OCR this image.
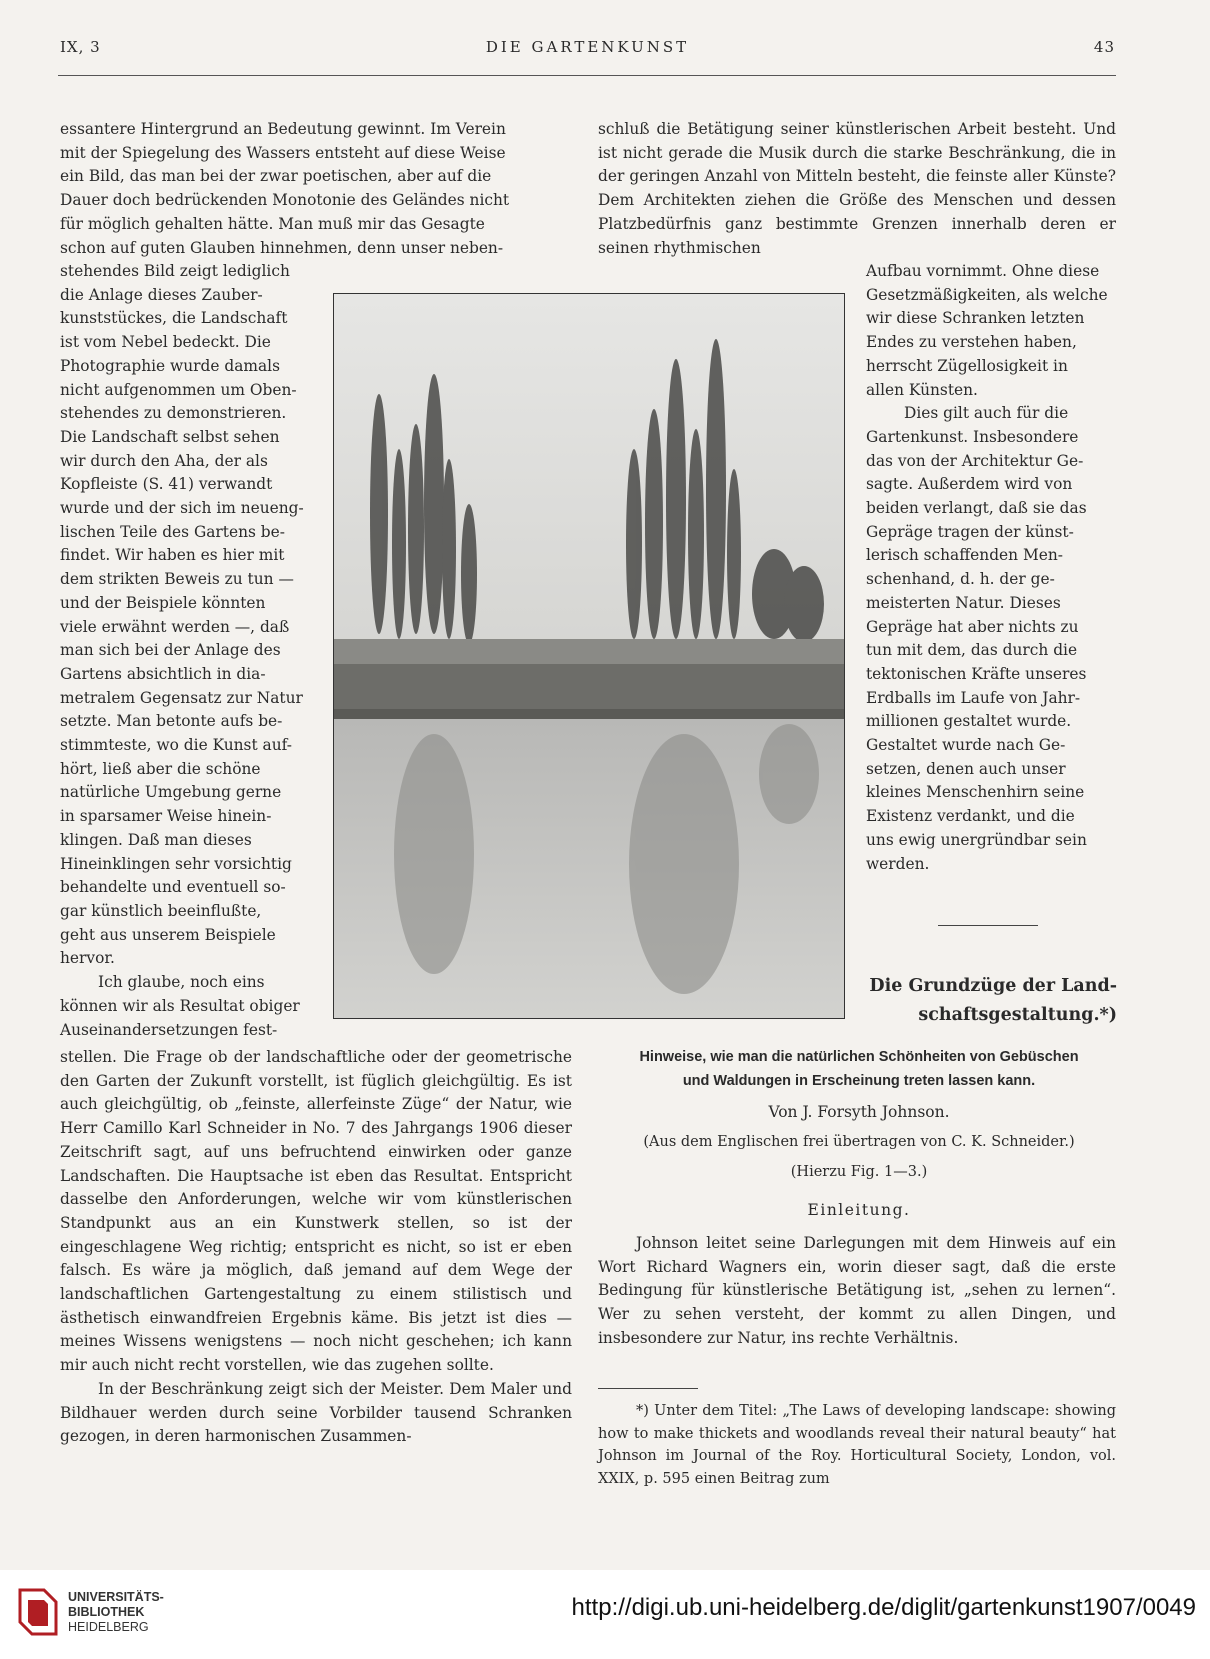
IX, 3	DIE GARTENKUNST	43
essantere Hintergrund an Bedeutung gewinnt. Im Verein
mit der Spiegelung des Wassers entsteht auf diese Weise
ein Bild, das man bei der zwar poetischen, aber auf die
Dauer doch bedrückenden Monotonie des Geländes nicht
für möglich gehalten hätte. Man muß mir das Gesagte
schon auf guten Glauben hinnehmen, denn unser neben-
stehendes Bild zeigt lediglich
die Anlage dieses Zauber-
kunststückes, die Landschaft
ist vom Nebel bedeckt. Die
Photographie wurde damals
nicht aufgenommen um Oben-
stehendes zu demonstrieren.
Die Landschaft selbst sehen
wir durch den Aha, der als
Kopfleiste (S. 41) verwandt
wurde und der sich im neueng-
lischen Teile des Gartens be-
findet. Wir haben es hier mit
dem strikten Beweis zu tun —
und der Beispiele könnten
viele erwähnt werden —, daß
man sich bei der Anlage des
Gartens absichtlich in dia-
metralem Gegensatz zur Natur
setzte. Man betonte aufs be-
stimmteste, wo die Kunst auf-
hört, ließ aber die schöne
natürliche Umgebung gerne
in sparsamer Weise hinein-
klingen. Daß man dieses
Hineinklingen sehr vorsichtig
behandelte und eventuell so-
gar künstlich beeinflußte,
geht aus unserem Beispiele
hervor.
Ich glaube, noch eins
können wir als Resultat obiger
Auseinandersetzungen fest-

stellen. Die Frage ob der landschaftliche oder der geometrische den Garten der Zukunft vorstellt, ist füglich gleichgültig. Es ist auch gleichgültig, ob „feinste, allerfeinste Züge“ der Natur, wie Herr Camillo Karl Schneider in No. 7 des Jahrgangs 1906 dieser Zeitschrift sagt, auf uns befruchtend einwirken oder ganze Landschaften. Die Hauptsache ist eben das Resultat. Entspricht dasselbe den Anforderungen, welche wir vom künstlerischen Standpunkt aus an ein Kunstwerk stellen, so ist der eingeschlagene Weg richtig; entspricht es nicht, so ist er eben falsch. Es wäre ja möglich, daß jemand auf dem Wege der landschaftlichen Gartengestaltung zu einem stilistisch und ästhetisch einwandfreien Ergebnis käme. Bis jetzt ist dies — meines Wissens wenigstens — noch nicht geschehen; ich kann mir auch nicht recht vorstellen, wie das zugehen sollte.

In der Beschränkung zeigt sich der Meister. Dem Maler und Bildhauer werden durch seine Vorbilder tausend Schranken gezogen, in deren harmonischen Zusammen-

schluß die Betätigung seiner künstlerischen Arbeit besteht. Und ist nicht gerade die Musik durch die starke Beschränkung, die in der geringen Anzahl von Mitteln besteht, die feinste aller Künste? Dem Architekten ziehen die Größe des Menschen und dessen Platzbedürfnis ganz bestimmte Grenzen innerhalb deren er seinen rhythmischen

Aufbau vornimmt. Ohne diese
Gesetzmäßigkeiten, als welche
wir diese Schranken letzten
Endes zu verstehen haben,
herrscht Zügellosigkeit in
allen Künsten.
Dies gilt auch für die
Gartenkunst. Insbesondere
das von der Architektur Ge-
sagte. Außerdem wird von
beiden verlangt, daß sie das
Gepräge tragen der künst-
lerisch schaffenden Men-
schenhand, d. h. der ge-
meisterten Natur. Dieses
Gepräge hat aber nichts zu
tun mit dem, das durch die
tektonischen Kräfte unseres
Erdballs im Laufe von Jahr-
millionen gestaltet wurde.
Gestaltet wurde nach Ge-
setzen, denen auch unser
kleines Menschenhirn seine
Existenz verdankt, und die
uns ewig unergründbar sein
werden.
Die Grundzüge der Land-
schaftsgestaltung.*)
Hinweise, wie man die natürlichen Schönheiten von Gebüschen
und Waldungen in Erscheinung treten lassen kann.
Von J. Forsyth Johnson.
(Aus dem Englischen frei übertragen von C. K. Schneider.)
(Hierzu Fig. 1—3.)
Einleitung.

Johnson leitet seine Darlegungen mit dem Hinweis auf ein Wort Richard Wagners ein, worin dieser sagt, daß die erste Bedingung für künstlerische Betätigung ist, „sehen zu lernen“. Wer zu sehen versteht, der kommt zu allen Dingen, und insbesondere zur Natur, ins rechte Verhältnis.

*) Unter dem Titel: „The Laws of developing landscape: showing how to make thickets and woodlands reveal their natural beauty“ hat Johnson im Journal of the Roy. Horticultural Society, London, vol. XXIX, p. 595 einen Beitrag zum

UNIVERSITÄTS-
BIBLIOTHEK
HEIDELBERG
http://digi.ub.uni-heidelberg.de/diglit/gartenkunst1907/0049
